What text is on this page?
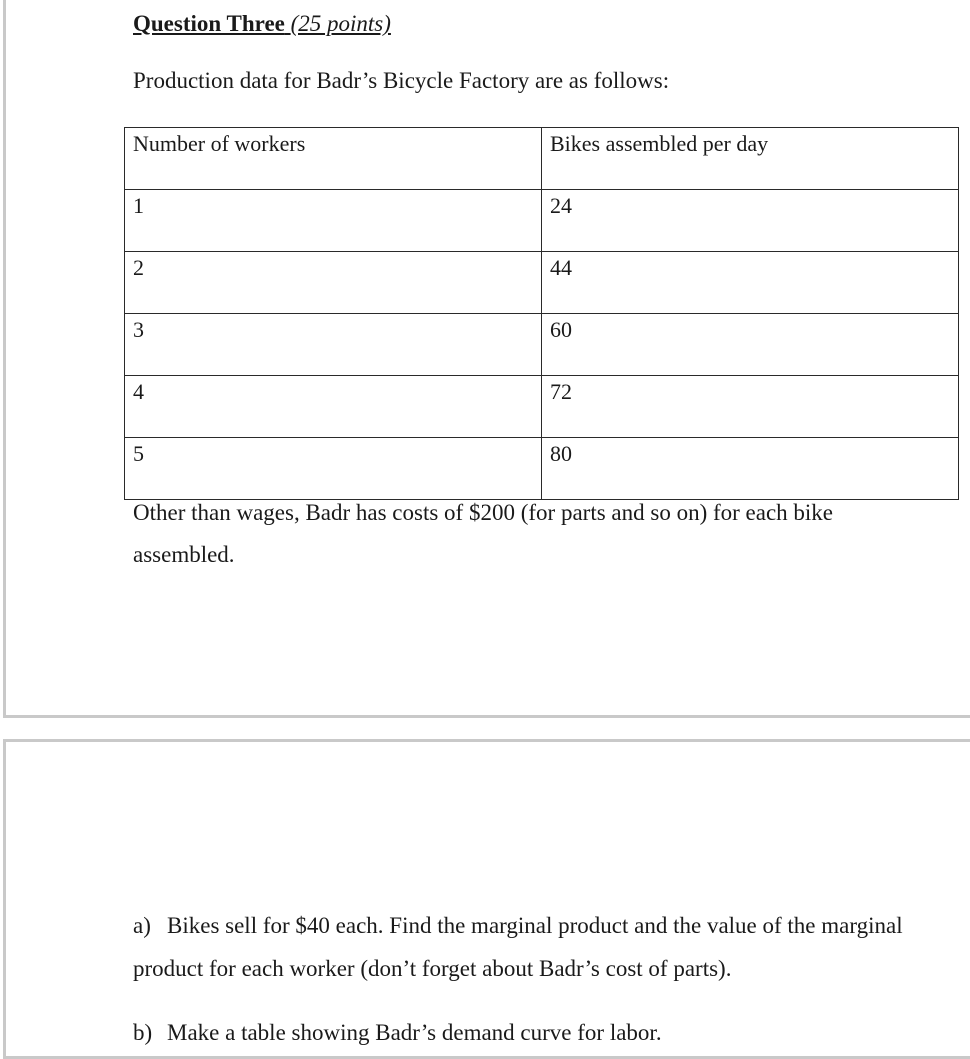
Question Three (25 points)
Production data for Badr’s Bicycle Factory are as follows:
Number of workers	Bikes assembled per day

1	24

2	44

3	60

4	72

5	80
Other than wages, Badr has costs of $200 (for parts and so on) for each bike assembled.
a) Bikes sell for $40 each. Find the marginal product and the value of the marginal product for each worker (don’t forget about Badr’s cost of parts).
b) Make a table showing Badr’s demand curve for labor.
